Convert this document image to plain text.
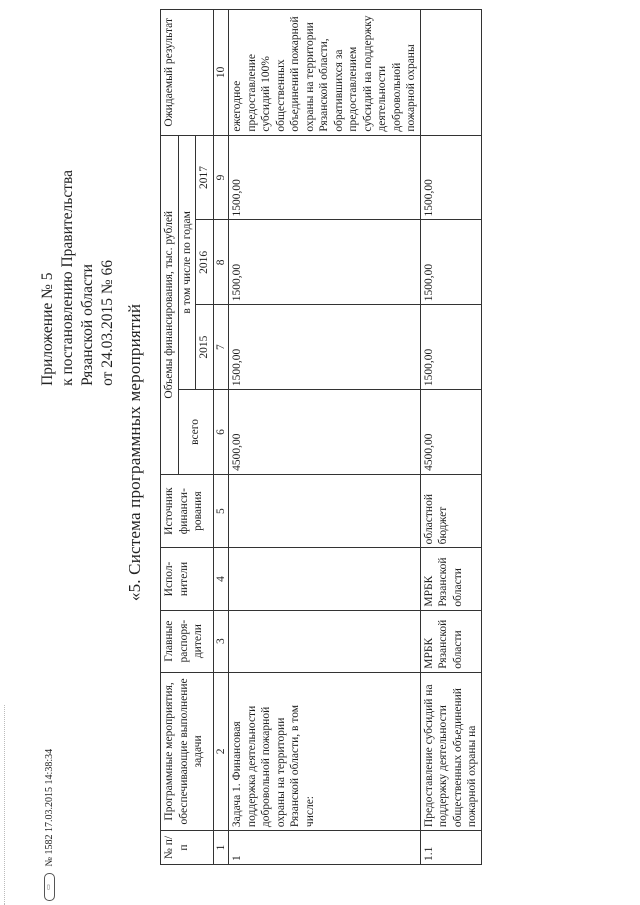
Приложение № 5 к постановлению Правительства Рязанской области от 24.03.2015 № 66 «5. Система программных мероприятий
№ п/п	Программные мероприятия, обеспечивающие выполнение задачи	Главные распоря-дители	Испол-нители	Источник финанси-рования	Объемы финансирования, тыс. рублей				Ожидаемый результат
					всего	в том числе по годам			
						2015	2016	2017	
1	2	3	4	5	6	7	8	9	10
1	Задача 1. Финансовая поддержка деятельности добровольной пожарной охраны на территории Рязанской области, в том числе:				4500,00	1500,00	1500,00	1500,00	ежегодное предоставление субсидий 100% общественных объединений пожарной охраны на территории Рязанской области, обратившихся за предоставлением субсидий на поддержку деятельности добровольной пожарной охраны
1.1	Предоставление субсидий на поддержку деятельности общественных объединений пожарной охраны на	МРБК Рязанской области	МРБК Рязанской области	областной бюджет	4500,00	1500,00	1500,00	1500,00	
▭ № 1582 17.03.2015 14:38:34
